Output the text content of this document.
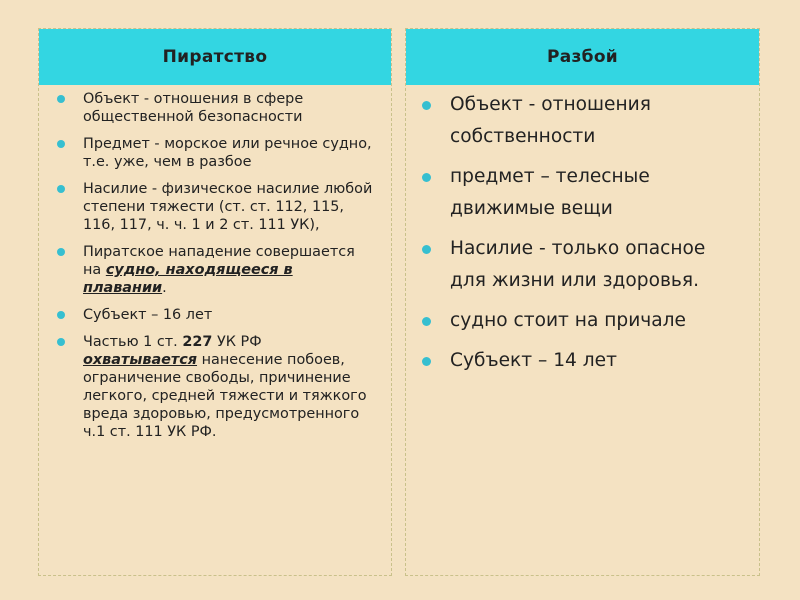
Пиратство
Объект - отношения в сфере общественной безопасности
Предмет - морское или речное судно, т.е. уже, чем в разбое
Насилие - физическое насилие любой степени тяжести (ст. ст. 112, 115, 116, 117, ч. ч. 1 и 2 ст. 111 УК),
Пиратское нападение совершается на судно, находящееся в плавании.
Субъект – 16 лет
Частью 1 ст. 227 УК РФ охватывается нанесение побоев, ограничение свободы, причинение легкого, средней тяжести и тяжкого вреда здоровью, предусмотренного ч.1 ст. 111 УК РФ.
Разбой
Объект - отношения собственности
предмет – телесные движимые вещи
Насилие - только опасное для жизни или здоровья.
судно стоит на причале
Субъект – 14 лет
